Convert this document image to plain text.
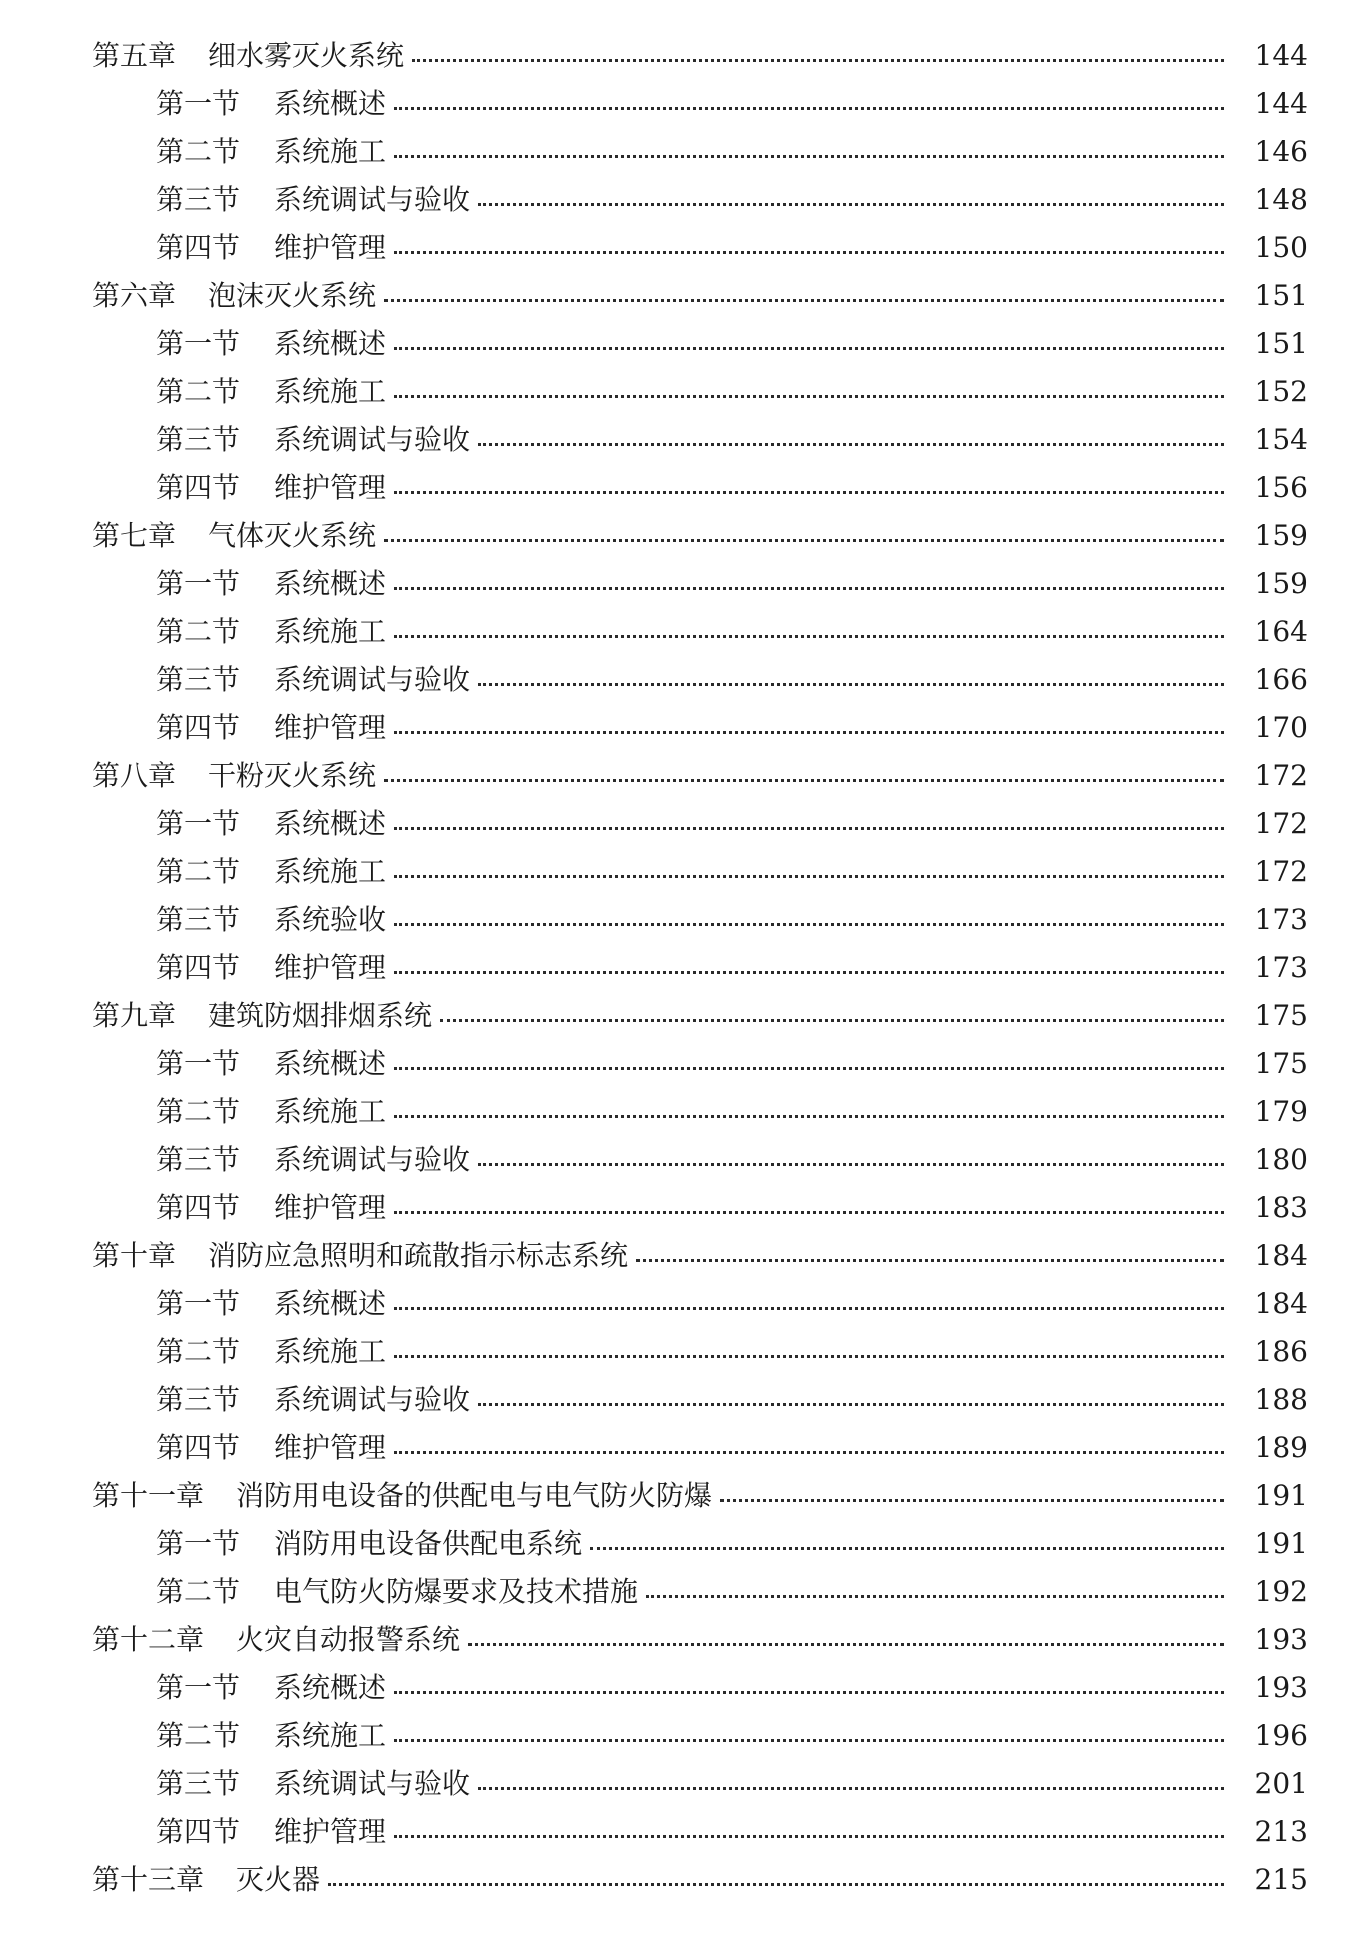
第五章 细水雾灭火系统	144
第一节 系统概述	144
第二节 系统施工	146
第三节 系统调试与验收	148
第四节 维护管理	150
第六章 泡沫灭火系统	151
第一节 系统概述	151
第二节 系统施工	152
第三节 系统调试与验收	154
第四节 维护管理	156
第七章 气体灭火系统	159
第一节 系统概述	159
第二节 系统施工	164
第三节 系统调试与验收	166
第四节 维护管理	170
第八章 干粉灭火系统	172
第一节 系统概述	172
第二节 系统施工	172
第三节 系统验收	173
第四节 维护管理	173
第九章 建筑防烟排烟系统	175
第一节 系统概述	175
第二节 系统施工	179
第三节 系统调试与验收	180
第四节 维护管理	183
第十章 消防应急照明和疏散指示标志系统	184
第一节 系统概述	184
第二节 系统施工	186
第三节 系统调试与验收	188
第四节 维护管理	189
第十一章 消防用电设备的供配电与电气防火防爆	191
第一节 消防用电设备供配电系统	191
第二节 电气防火防爆要求及技术措施	192
第十二章 火灾自动报警系统	193
第一节 系统概述	193
第二节 系统施工	196
第三节 系统调试与验收	201
第四节 维护管理	213
第十三章 灭火器	215
